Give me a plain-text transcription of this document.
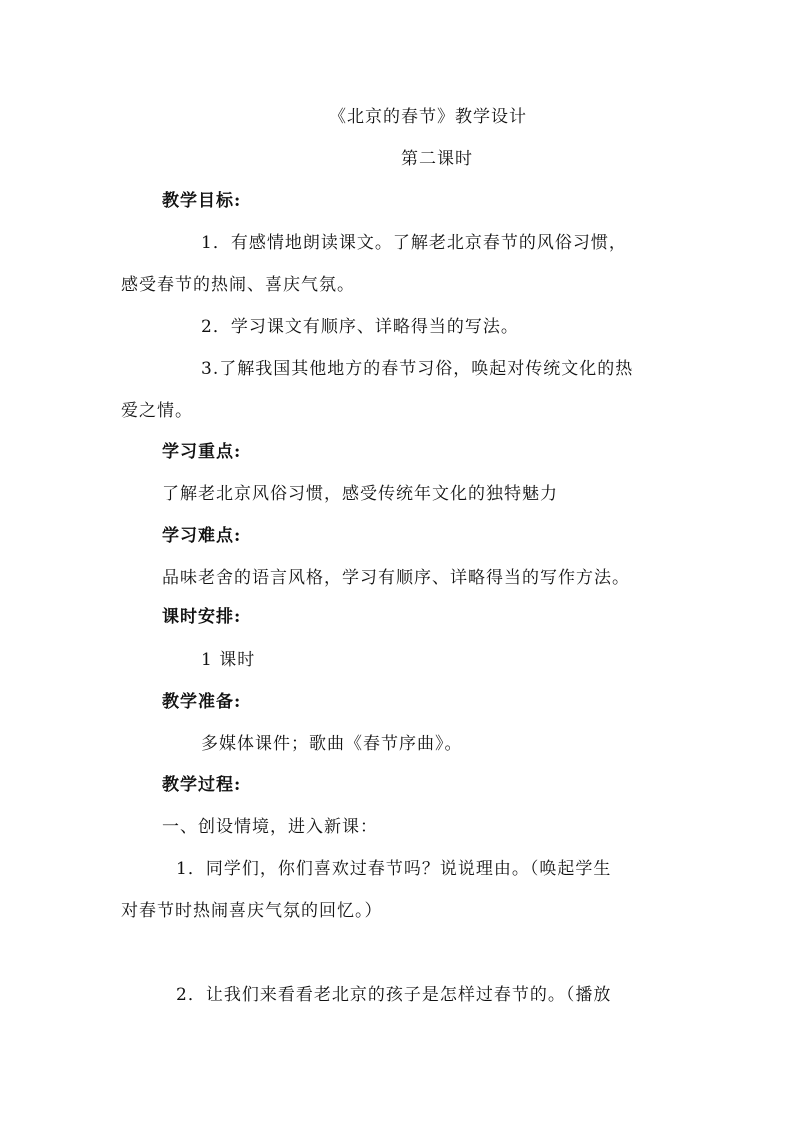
《北京的春节》教学设计
第二课时
教学目标:
1．有感情地朗读课文。了解老北京春节的风俗习惯，
感受春节的热闹、喜庆气氛。
2．学习课文有顺序、详略得当的写法。
3.了解我国其他地方的春节习俗，唤起对传统文化的热
爱之情。
学习重点:
了解老北京风俗习惯，感受传统年文化的独特魅力
学习难点:
品味老舍的语言风格，学习有顺序、详略得当的写作方法。
课时安排:
1 课时
教学准备:
多媒体课件；歌曲《春节序曲》。
教学过程:
一、创设情境，进入新课：
1．同学们，你们喜欢过春节吗？说说理由。（唤起学生
对春节时热闹喜庆气氛的回忆。）
2．让我们来看看老北京的孩子是怎样过春节的。（播放
